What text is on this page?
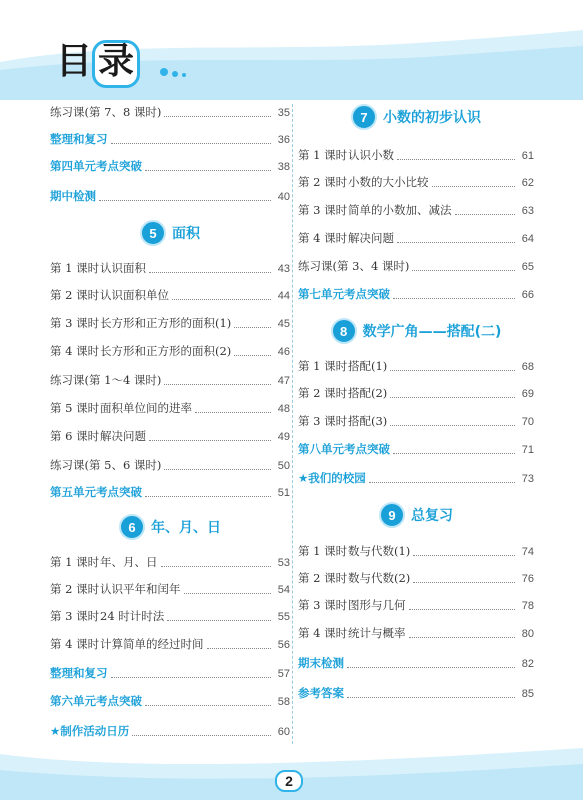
目 录
练习课(第 7、8 课时)	35
整理和复习	36
第四单元考点突破	38
期中检测	40
5	面积
第 1 课时 认识面积	43
第 2 课时 认识面积单位	44
第 3 课时 长方形和正方形的面积(1)	45
第 4 课时 长方形和正方形的面积(2)	46
练习课(第 1～4 课时)	47
第 5 课时 面积单位间的进率	48
第 6 课时 解决问题	49
练习课(第 5、6 课时)	50
第五单元考点突破	51
6	年、月、日
第 1 课时 年、月、日	53
第 2 课时 认识平年和闰年	54
第 3 课时 24 时计时法	55
第 4 课时 计算简单的经过时间	56
整理和复习	57
第六单元考点突破	58
★制作活动日历	60
7	小数的初步认识
第 1 课时 认识小数	61
第 2 课时 小数的大小比较	62
第 3 课时 简单的小数加、减法	63
第 4 课时 解决问题	64
练习课(第 3、4 课时)	65
第七单元考点突破	66
8	数学广角——搭配(二)
第 1 课时 搭配(1)	68
第 2 课时 搭配(2)	69
第 3 课时 搭配(3)	70
第八单元考点突破	71
★我们的校园	73
9	总复习
第 1 课时 数与代数(1)	74
第 2 课时 数与代数(2)	76
第 3 课时 图形与几何	78
第 4 课时 统计与概率	80
期末检测	82
参考答案	85
2
